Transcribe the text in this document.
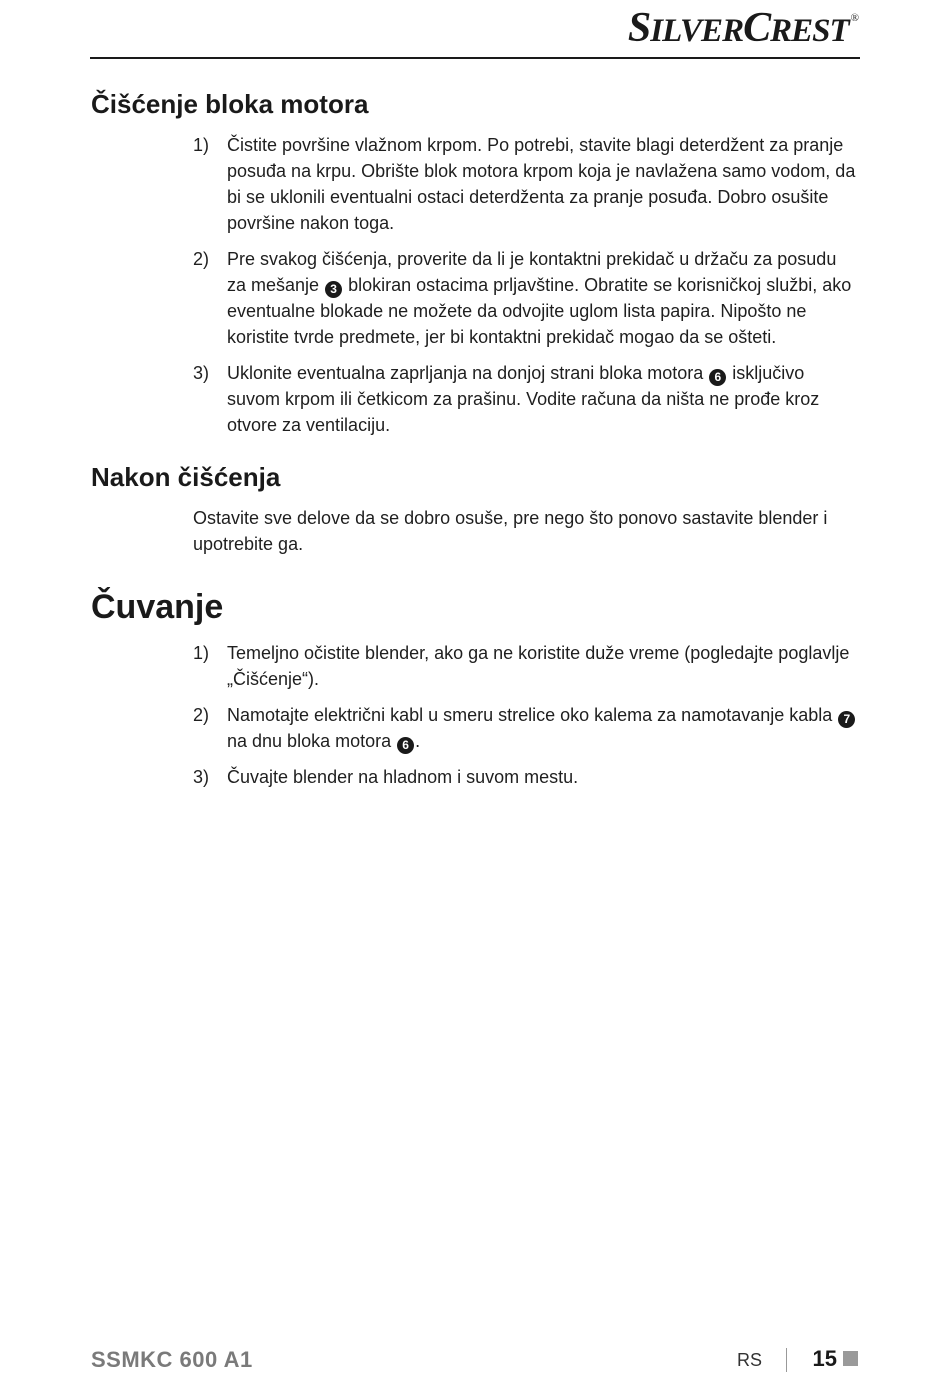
SILVERCREST ®
Čišćenje bloka motora
1) Čistite površine vlažnom krpom. Po potrebi, stavite blagi deterdžent za pranje posuđa na krpu. Obrište blok motora krpom koja je navlažena samo vodom, da bi se uklonili eventualni ostaci deterdženta za pranje posuđa. Dobro osušite površine nakon toga.
2) Pre svakog čišćenja, proverite da li je kontaktni prekidač u držaču za posudu za mešanje 3 blokiran ostacima prljavštine. Obratite se korisničkoj službi, ako eventualne blokade ne možete da odvojite uglom lista papira. Nipošto ne koristite tvrde predmete, jer bi kontaktni prekidač mogao da se ošteti.
3) Uklonite eventualna zaprljanja na donjoj strani bloka motora 6 isključivo suvom krpom ili četkicom za prašinu. Vodite računa da ništa ne prođe kroz otvore za ventilaciju.
Nakon čišćenja
Ostavite sve delove da se dobro osuše, pre nego što ponovo sastavite blender i upotrebite ga.
Čuvanje
1) Temeljno očistite blender, ako ga ne koristite duže vreme (pogledajte poglavlje „Čišćenje“).
2) Namotajte električni kabl u smeru strelice oko kalema za namotavanje kabla 7 na dnu bloka motora 6 .
3) Čuvajte blender na hladnom i suvom mestu.
SSMKC 600 A1	RS 15
